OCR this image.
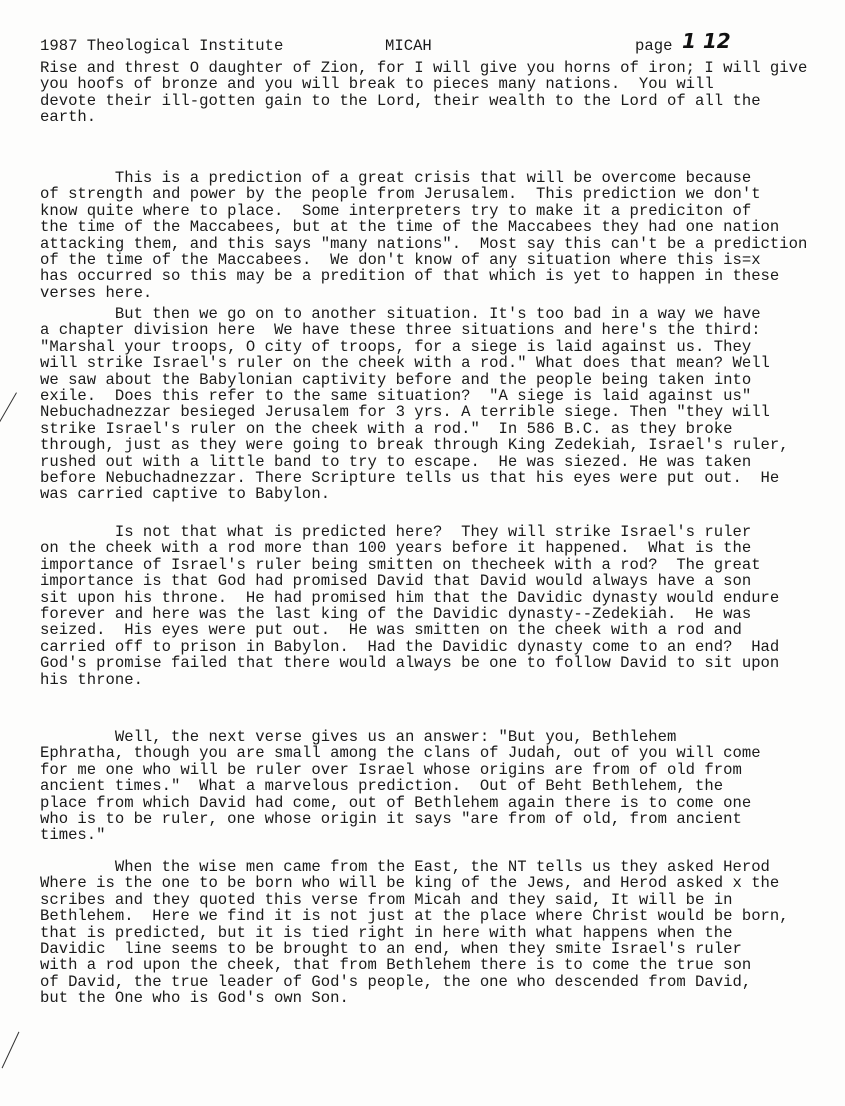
1987 Theological Institute	MICAH	page 1 12
Rise and threst O daughter of Zion, for I will give you horns of iron; I will give
you hoofs of bronze and you will break to pieces many nations.  You will
devote their ill-gotten gain to the Lord, their wealth to the Lord of all the
earth.
This is a prediction of a great crisis that will be overcome because
of strength and power by the people from Jerusalem.  This prediction we don't
know quite where to place.  Some interpreters try to make it a prediciton of
the time of the Maccabees, but at the time of the Maccabees they had one nation
attacking them, and this says "many nations".  Most say this can't be a prediction
of the time of the Maccabees.  We don't know of any situation where this is=x
has occurred so this may be a predition of that which is yet to happen in these
verses here.
But then we go on to another situation. It's too bad in a way we have
a chapter division here  We have these three situations and here's the third:
"Marshal your troops, O city of troops, for a siege is laid against us. They
will strike Israel's ruler on the cheek with a rod." What does that mean? Well
we saw about the Babylonian captivity before and the people being taken into
exile.  Does this refer to the same situation?  "A siege is laid against us"
Nebuchadnezzar besieged Jerusalem for 3 yrs. A terrible siege. Then "they will
strike Israel's ruler on the cheek with a rod."  In 586 B.C. as they broke
through, just as they were going to break through King Zedekiah, Israel's ruler,
rushed out with a little band to try to escape.  He was siezed. He was taken
before Nebuchadnezzar. There Scripture tells us that his eyes were put out.  He
was carried captive to Babylon.
Is not that what is predicted here?  They will strike Israel's ruler
on the cheek with a rod more than 100 years before it happened.  What is the
importance of Israel's ruler being smitten on thecheek with a rod?  The great
importance is that God had promised David that David would always have a son
sit upon his throne.  He had promised him that the Davidic dynasty would endure
forever and here was the last king of the Davidic dynasty--Zedekiah.  He was
seized.  His eyes were put out.  He was smitten on the cheek with a rod and
carried off to prison in Babylon.  Had the Davidic dynasty come to an end?  Had
God's promise failed that there would always be one to follow David to sit upon
his throne.
Well, the next verse gives us an answer: "But you, Bethlehem
Ephratha, though you are small among the clans of Judah, out of you will come
for me one who will be ruler over Israel whose origins are from of old from
ancient times."  What a marvelous prediction.  Out of Beht Bethlehem, the
place from which David had come, out of Bethlehem again there is to come one
who is to be ruler, one whose origin it says "are from of old, from ancient
times."
When the wise men came from the East, the NT tells us they asked Herod
Where is the one to be born who will be king of the Jews, and Herod asked x the
scribes and they quoted this verse from Micah and they said, It will be in
Bethlehem.  Here we find it is not just at the place where Christ would be born,
that is predicted, but it is tied right in here with what happens when the
Davidic  line seems to be brought to an end, when they smite Israel's ruler
with a rod upon the cheek, that from Bethlehem there is to come the true son
of David, the true leader of God's people, the one who descended from David,
but the One who is God's own Son.
